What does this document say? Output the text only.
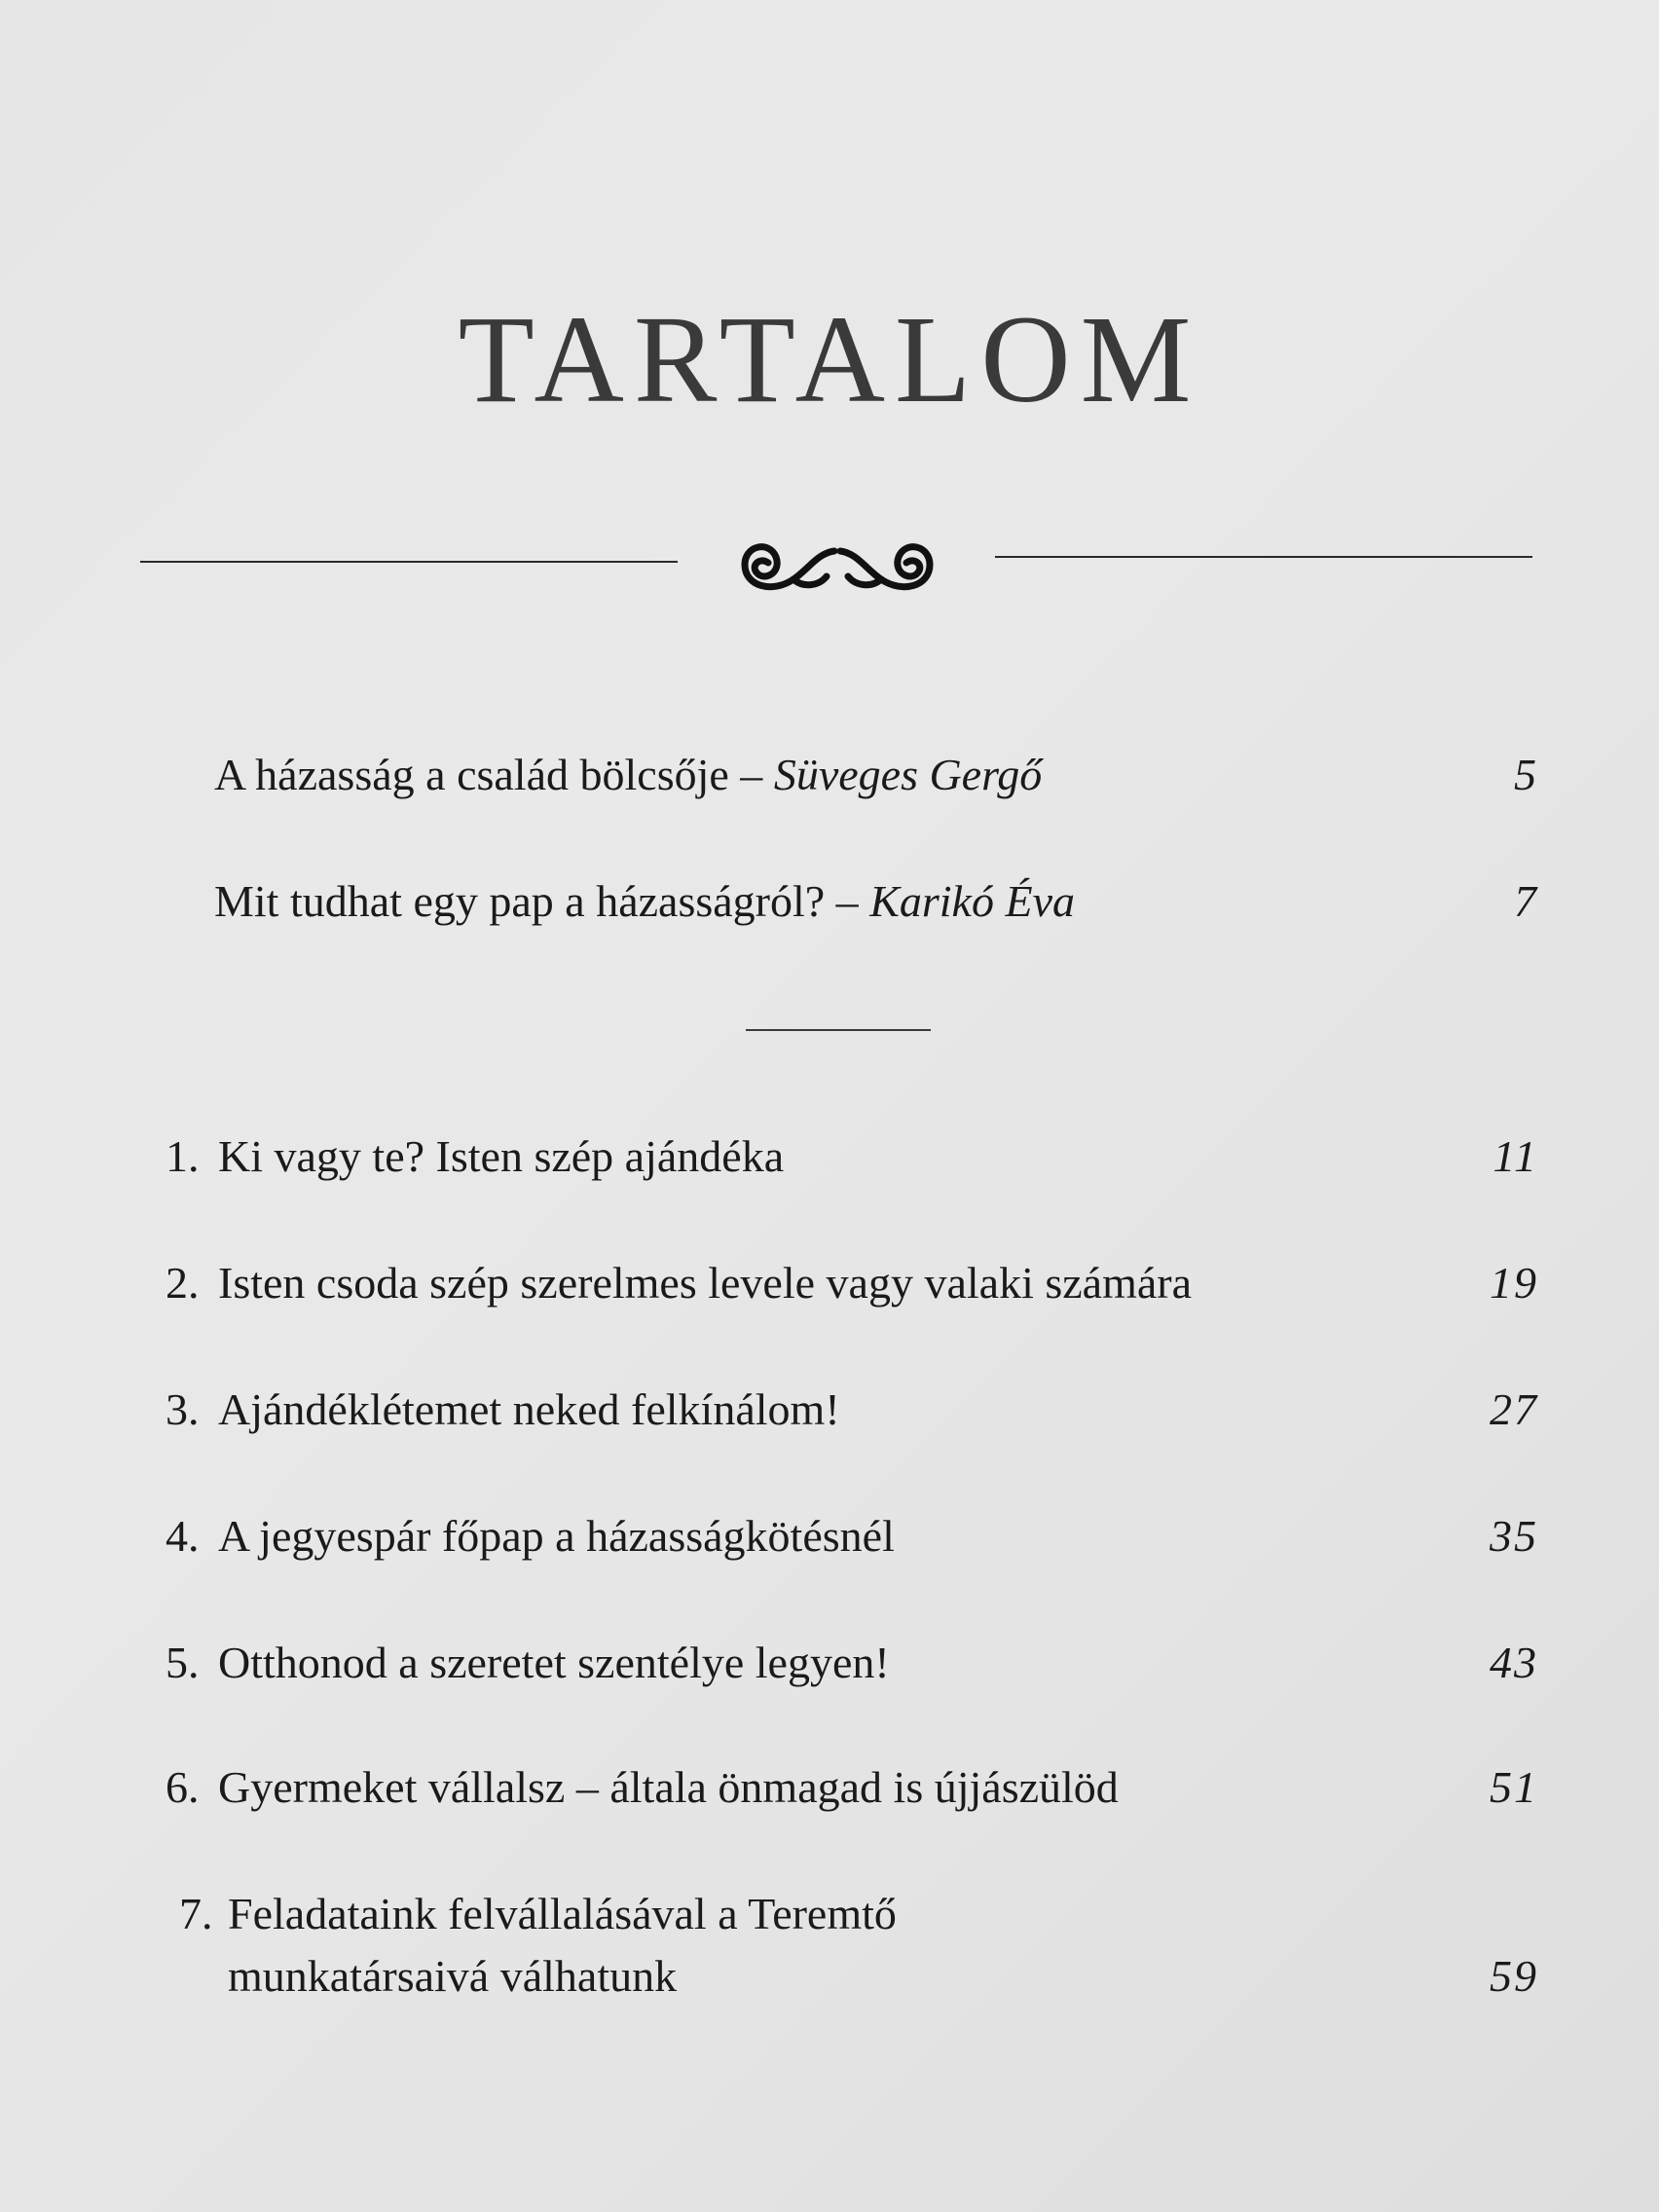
TARTALOM
A házasság a család bölcsője – Süveges Gergő	5
Mit tudhat egy pap a házasságról? – Karikó Éva	7
1. Ki vagy te? Isten szép ajándéka	11
2. Isten csoda szép szerelmes levele vagy valaki számára	19
3. Ajándéklétemet neked felkínálom!	27
4. A jegyespár főpap a házasságkötésnél	35
5. Otthonod a szeretet szentélye legyen!	43
6. Gyermeket vállalsz – általa önmagad is újjászülöd	51
7. Feladataink felvállalásával a Teremtő
munkatársaivá válhatunk	59
